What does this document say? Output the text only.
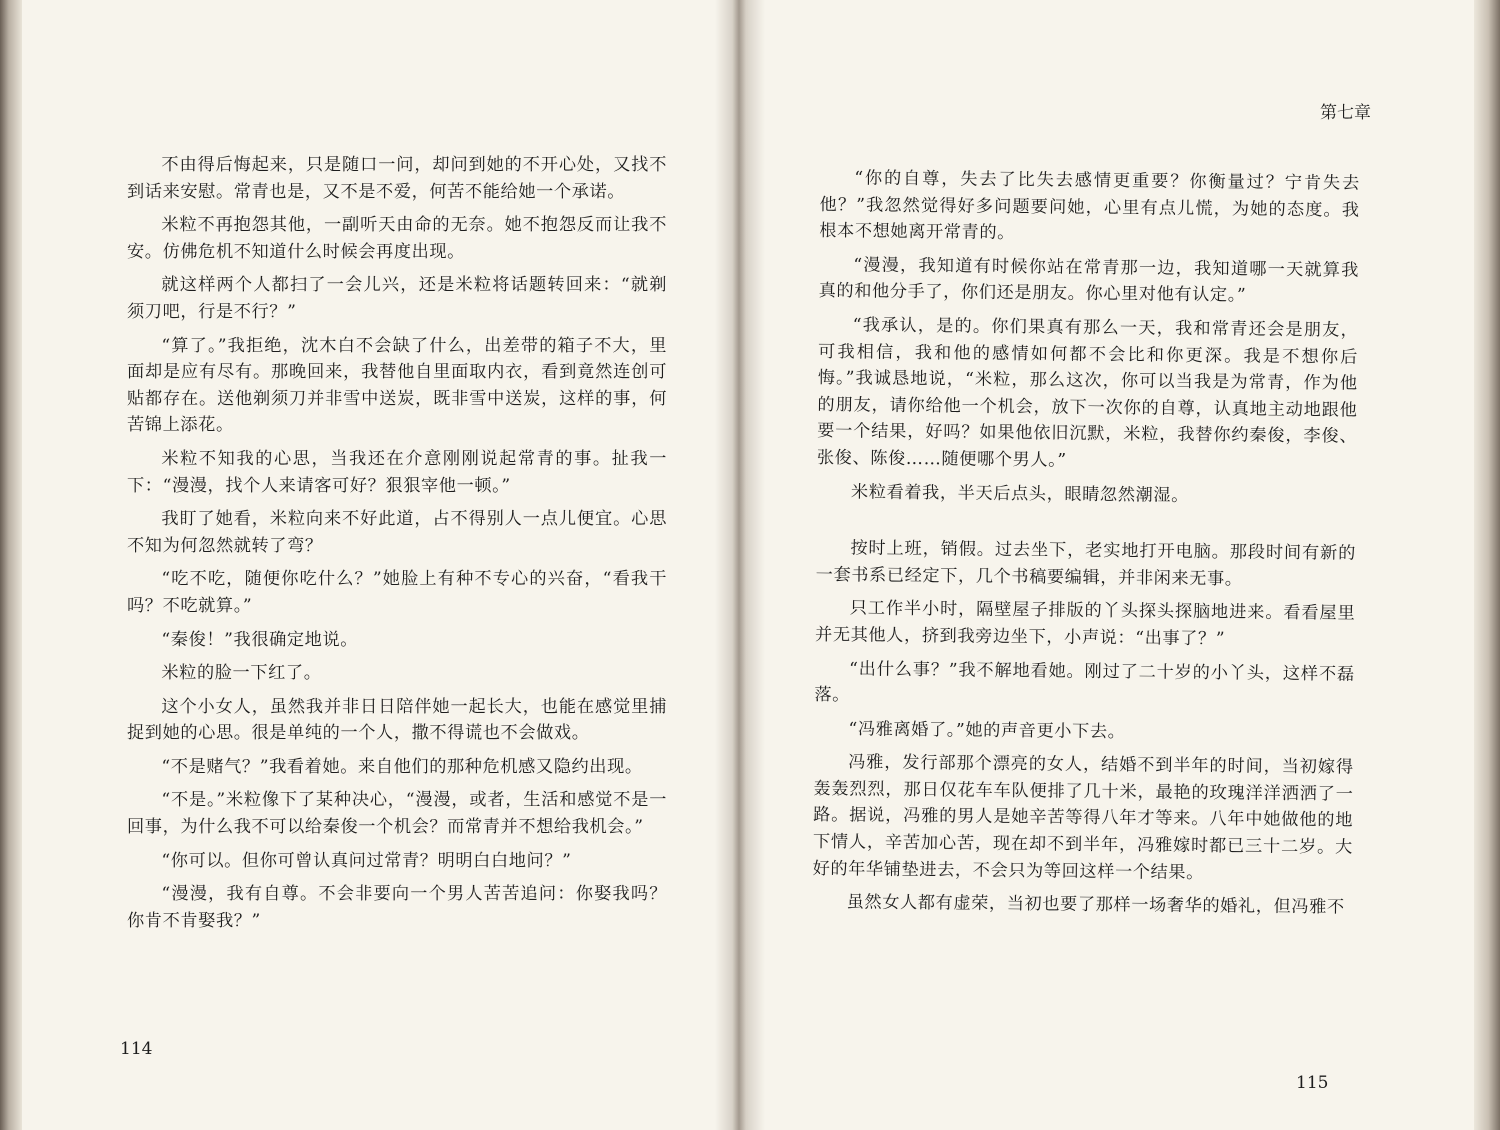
不由得后悔起来，只是随口一问，却问到她的不开心处，又找不到话来安慰。常青也是，又不是不爱，何苦不能给她一个承诺。

米粒不再抱怨其他，一副听天由命的无奈。她不抱怨反而让我不安。仿佛危机不知道什么时候会再度出现。

就这样两个人都扫了一会儿兴，还是米粒将话题转回来：“就剃须刀吧，行是不行？”

“算了。”我拒绝，沈木白不会缺了什么，出差带的箱子不大，里面却是应有尽有。那晚回来，我替他自里面取内衣，看到竟然连创可贴都存在。送他剃须刀并非雪中送炭，既非雪中送炭，这样的事，何苦锦上添花。

米粒不知我的心思，当我还在介意刚刚说起常青的事。扯我一下：“漫漫，找个人来请客可好？狠狠宰他一顿。”

我盯了她看，米粒向来不好此道，占不得别人一点儿便宜。心思不知为何忽然就转了弯？

“吃不吃，随便你吃什么？”她脸上有种不专心的兴奋，“看我干吗？不吃就算。”

“秦俊！”我很确定地说。

米粒的脸一下红了。

这个小女人，虽然我并非日日陪伴她一起长大，也能在感觉里捕捉到她的心思。很是单纯的一个人，撒不得谎也不会做戏。

“不是赌气？”我看着她。来自他们的那种危机感又隐约出现。

“不是。”米粒像下了某种决心，“漫漫，或者，生活和感觉不是一回事，为什么我不可以给秦俊一个机会？而常青并不想给我机会。”

“你可以。但你可曾认真问过常青？明明白白地问？”

“漫漫，我有自尊。不会非要向一个男人苦苦追问：你娶我吗？你肯不肯娶我？”

114
第七章

“你的自尊，失去了比失去感情更重要？你衡量过？宁肯失去他？”我忽然觉得好多问题要问她，心里有点儿慌，为她的态度。我根本不想她离开常青的。

“漫漫，我知道有时候你站在常青那一边，我知道哪一天就算我真的和他分手了，你们还是朋友。你心里对他有认定。”

“我承认，是的。你们果真有那么一天，我和常青还会是朋友，可我相信，我和他的感情如何都不会比和你更深。我是不想你后悔。”我诚恳地说，“米粒，那么这次，你可以当我是为常青，作为他的朋友，请你给他一个机会，放下一次你的自尊，认真地主动地跟他要一个结果，好吗？如果他依旧沉默，米粒，我替你约秦俊，李俊、张俊、陈俊……随便哪个男人。”

米粒看着我，半天后点头，眼睛忽然潮湿。

按时上班，销假。过去坐下，老实地打开电脑。那段时间有新的一套书系已经定下，几个书稿要编辑，并非闲来无事。

只工作半小时，隔壁屋子排版的丫头探头探脑地进来。看看屋里并无其他人，挤到我旁边坐下，小声说：“出事了？”

“出什么事？”我不解地看她。刚过了二十岁的小丫头，这样不磊落。

“冯雅离婚了。”她的声音更小下去。

冯雅，发行部那个漂亮的女人，结婚不到半年的时间，当初嫁得轰轰烈烈，那日仅花车车队便排了几十米，最艳的玫瑰洋洋洒洒了一路。据说，冯雅的男人是她辛苦等得八年才等来。八年中她做他的地下情人，辛苦加心苦，现在却不到半年，冯雅嫁时都已三十二岁。大好的年华铺垫进去，不会只为等回这样一个结果。

虽然女人都有虚荣，当初也要了那样一场奢华的婚礼，但冯雅不

115
